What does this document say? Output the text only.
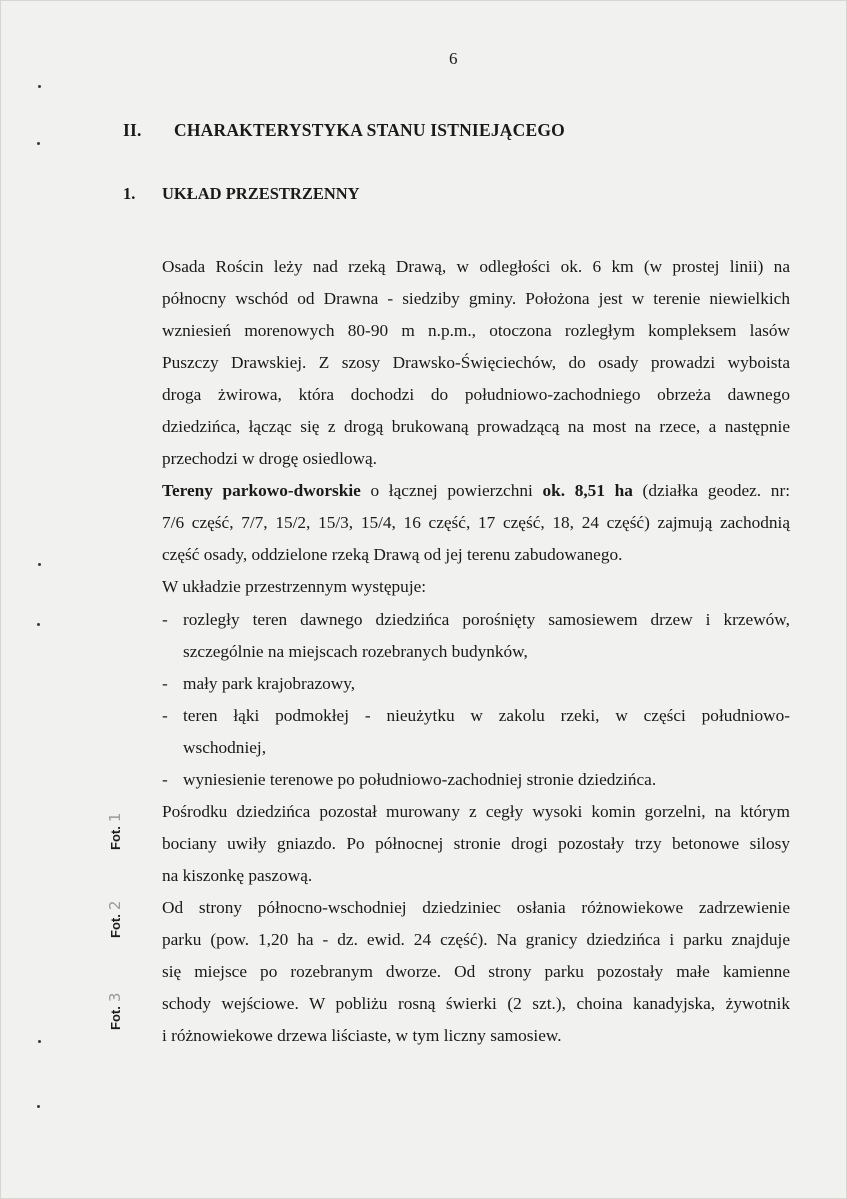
6
II. CHARAKTERYSTYKA STANU ISTNIEJĄCEGO
1. UKŁAD PRZESTRZENNY
Osada Rościn leży nad rzeką Drawą, w odległości ok. 6 km (w prostej linii) na
północny wschód od Drawna - siedziby gminy. Położona jest w terenie niewielkich
wzniesień morenowych 80-90 m n.p.m., otoczona rozległym kompleksem lasów
Puszczy Drawskiej. Z szosy Drawsko-Święciechów, do osady prowadzi wyboista
droga żwirowa, która dochodzi do południowo-zachodniego obrzeża dawnego
dziedzińca, łącząc się z drogą brukowaną prowadzącą na most na rzece, a następnie
przechodzi w drogę osiedlową.
Tereny parkowo-dworskie o łącznej powierzchni ok. 8,51 ha (działka geodez. nr:
7/6 część, 7/7, 15/2, 15/3, 15/4, 16 część, 17 część, 18, 24 część) zajmują zachodnią
część osady, oddzielone rzeką Drawą od jej terenu zabudowanego.
W układzie przestrzennym występuje:
- rozległy teren dawnego dziedzińca porośnięty samosiewem drzew i krzewów,
szczególnie na miejscach rozebranych budynków,
- mały park krajobrazowy,
- teren łąki podmokłej - nieużytku w zakolu rzeki, w części południowo-
wschodniej,
- wyniesienie terenowe po południowo-zachodniej stronie dziedzińca.
Pośrodku dziedzińca pozostał murowany z cegły wysoki komin gorzelni, na którym
bociany uwiły gniazdo. Po północnej stronie drogi pozostały trzy betonowe silosy
na kiszonkę paszową.
Od strony północno-wschodniej dziedziniec osłania różnowiekowe zadrzewienie
parku (pow. 1,20 ha - dz. ewid. 24 część). Na granicy dziedzińca i parku znajduje
się miejsce po rozebranym dworze. Od strony parku pozostały małe kamienne
schody wejściowe. W pobliżu rosną świerki (2 szt.), choina kanadyjska, żywotnik
i różnowiekowe drzewa liściaste, w tym liczny samosiew.
Fot.1
Fot.2
Fot.3
